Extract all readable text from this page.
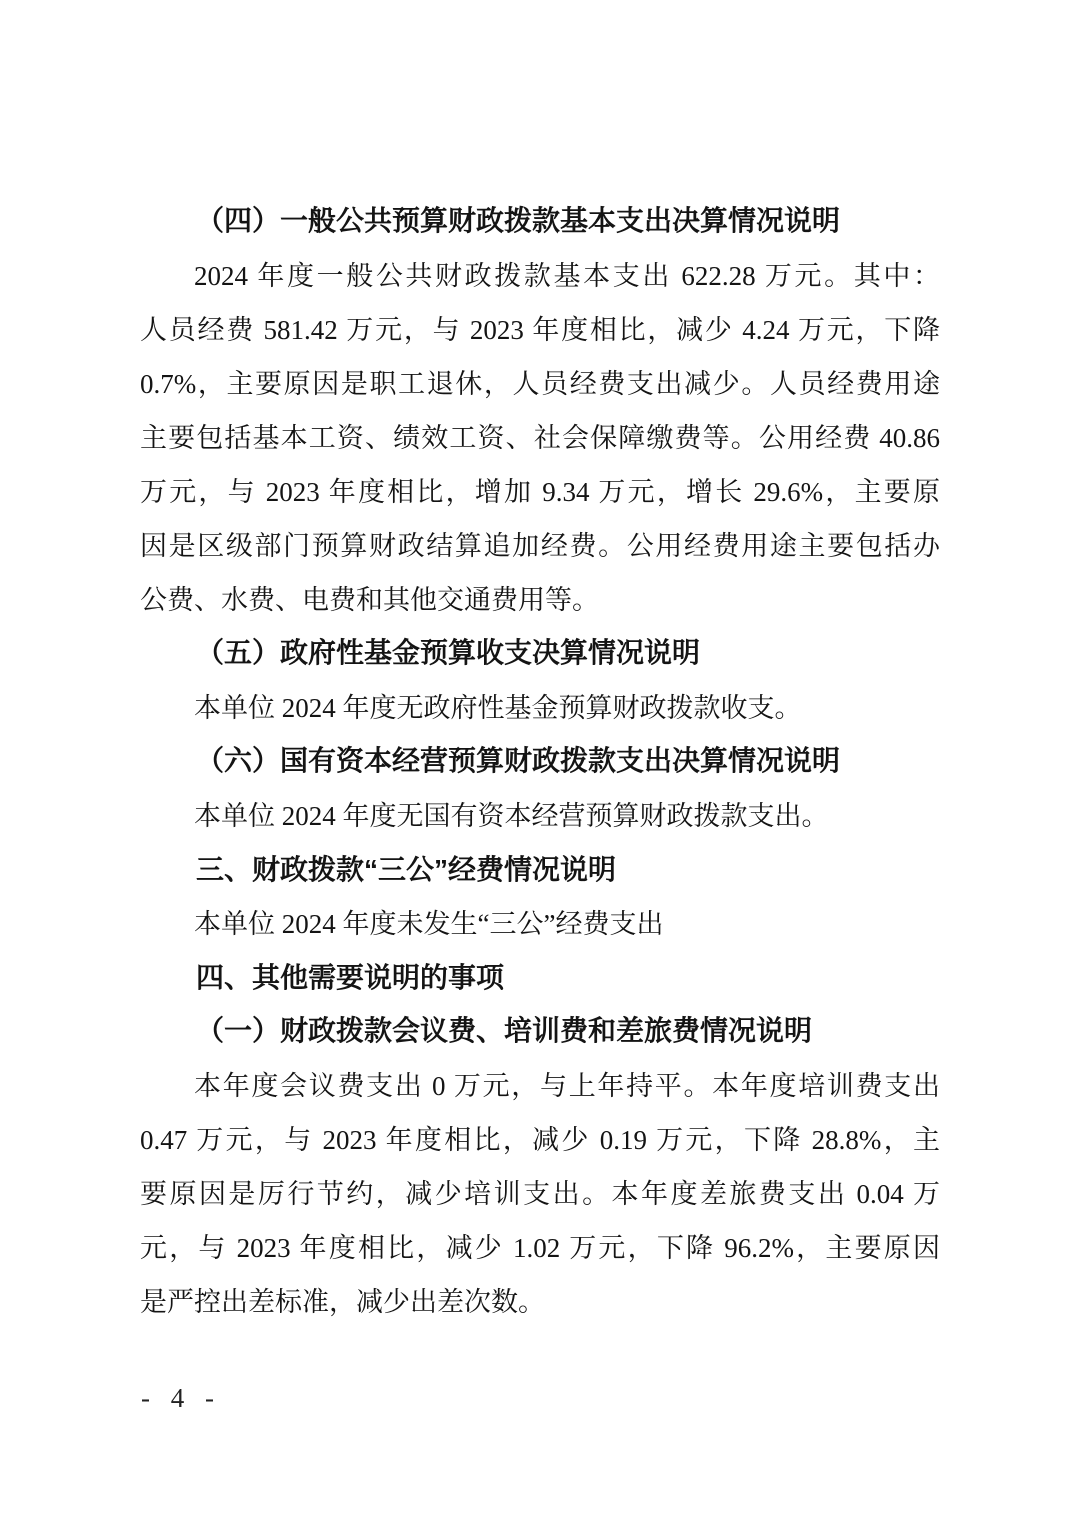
（四）一般公共预算财政拨款基本支出决算情况说明
2024 年度一般公共财政拨款基本支出 622.28 万元。其中：
人员经费 581.42 万元，与 2023 年度相比，减少 4.24 万元，下降
0.7%，主要原因是职工退休，人员经费支出减少。人员经费用途
主要包括基本工资、绩效工资、社会保障缴费等。公用经费 40.86
万元，与 2023 年度相比，增加 9.34 万元，增长 29.6%，主要原
因是区级部门预算财政结算追加经费。公用经费用途主要包括办
公费、水费、电费和其他交通费用等。
（五）政府性基金预算收支决算情况说明
本单位 2024 年度无政府性基金预算财政拨款收支。
（六）国有资本经营预算财政拨款支出决算情况说明
本单位 2024 年度无国有资本经营预算财政拨款支出。
三、财政拨款“三公”经费情况说明
本单位 2024 年度未发生“三公”经费支出
四、其他需要说明的事项
（一）财政拨款会议费、培训费和差旅费情况说明
本年度会议费支出 0 万元，与上年持平。本年度培训费支出
0.47 万元，与 2023 年度相比，减少 0.19 万元，下降 28.8%，主
要原因是厉行节约，减少培训支出。本年度差旅费支出 0.04 万
元，与 2023 年度相比，减少 1.02 万元，下降 96.2%，主要原因
是严控出差标准，减少出差次数。
- 4 -
